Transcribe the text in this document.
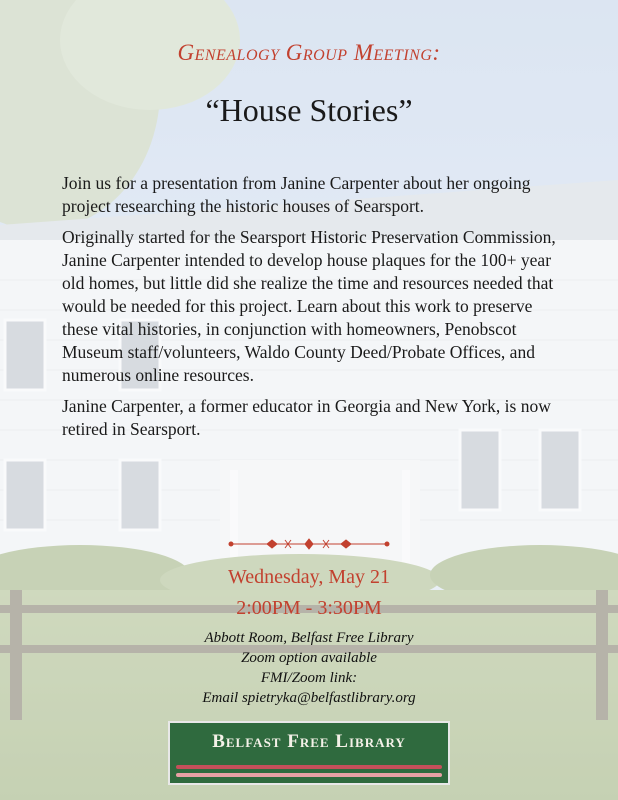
Genealogy Group Meeting:
“House Stories”

Join us for a presentation from Janine Carpenter about her ongoing project researching the historic houses of Searsport.

Originally started for the Searsport Historic Preservation Commission, Janine Carpenter intended to develop house plaques for the 100+ year old homes, but little did she realize the time and resources needed that would be needed for this project. Learn about this work to preserve these vital histories, in conjunction with homeowners, Penobscot Museum staff/volunteers, Waldo County Deed/Probate Offices, and numerous online resources.

Janine Carpenter, a former educator in Georgia and New York, is now retired in Searsport.

Wednesday, May 21
2:00PM - 3:30PM
Abbott Room, Belfast Free Library
Zoom option available
FMI/Zoom link:
Email spietryka@belfastlibrary.org
Belfast Free Library
